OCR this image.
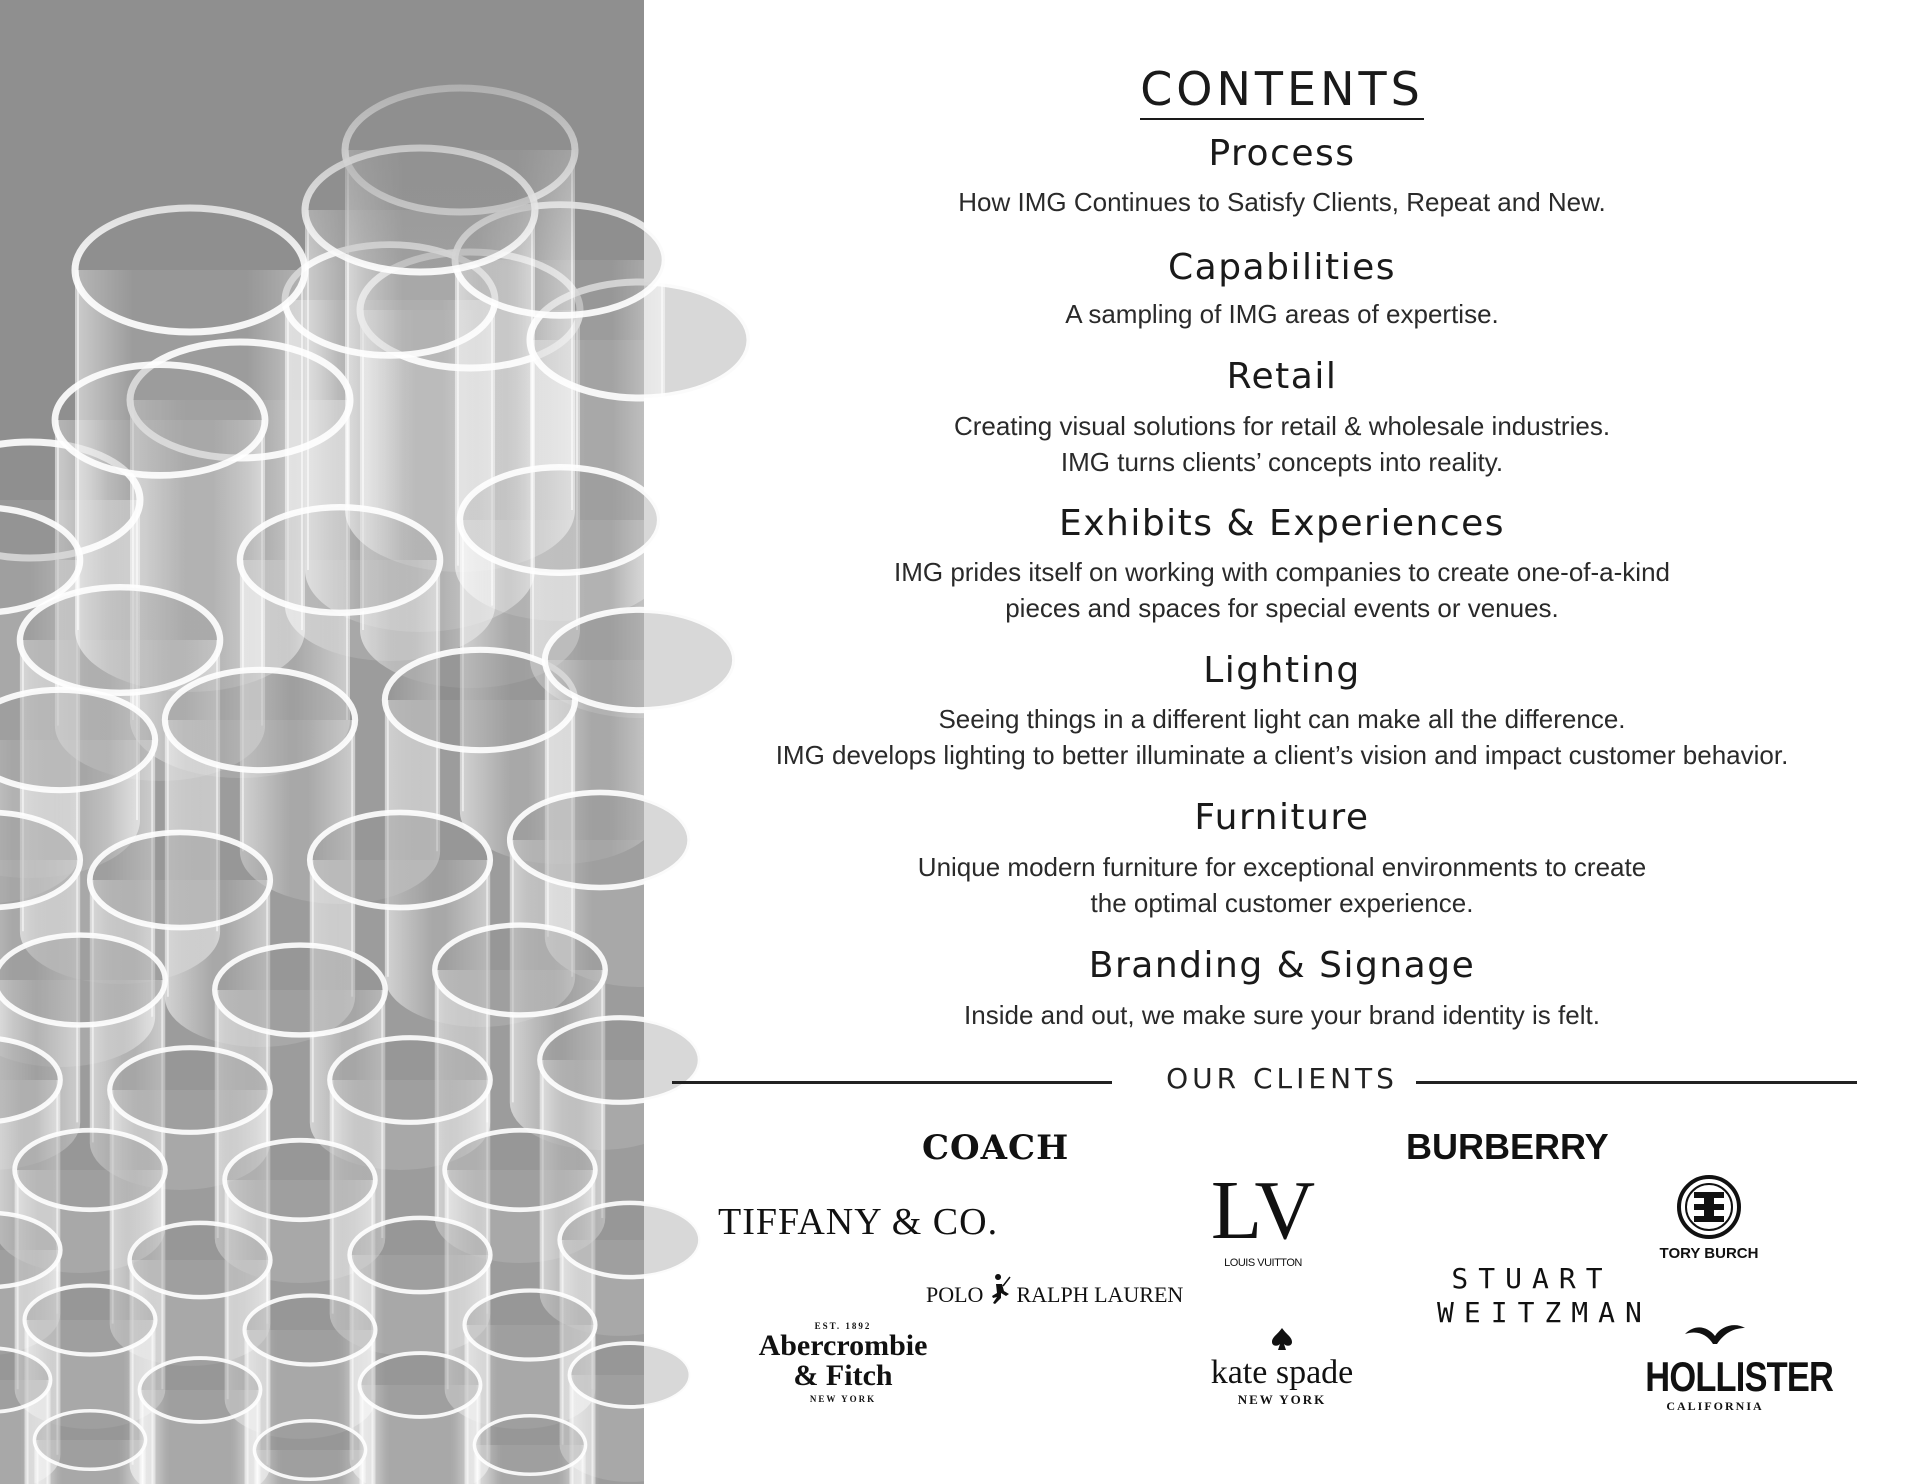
CONTENTS
Process
How IMG Continues to Satisfy Clients, Repeat and New.
Capabilities
A sampling of IMG areas of expertise.
Retail
Creating visual solutions for retail & wholesale industries.
IMG turns clients’ concepts into reality.
Exhibits & Experiences
IMG prides itself on working with companies to create one-of-a-kind
pieces and spaces for special events or venues.
Lighting
Seeing things in a different light can make all the difference.
IMG develops lighting to better illuminate a client’s vision and impact customer behavior.
Furniture
Unique modern furniture for exceptional environments to create
the optimal customer experience.
Branding & Signage
Inside and out, we make sure your brand identity is felt.
OUR CLIENTS
COACH	BURBERRY
TIFFANY & CO.	LV
LOUIS VUITTON
TORY BURCH
POLO RALPH LAUREN	STUART
WEITZMAN
EST. 1892
Abercrombie
& Fitch
NEW YORK
kate spade
NEW YORK	HOLLISTER
CALIFORNIA
